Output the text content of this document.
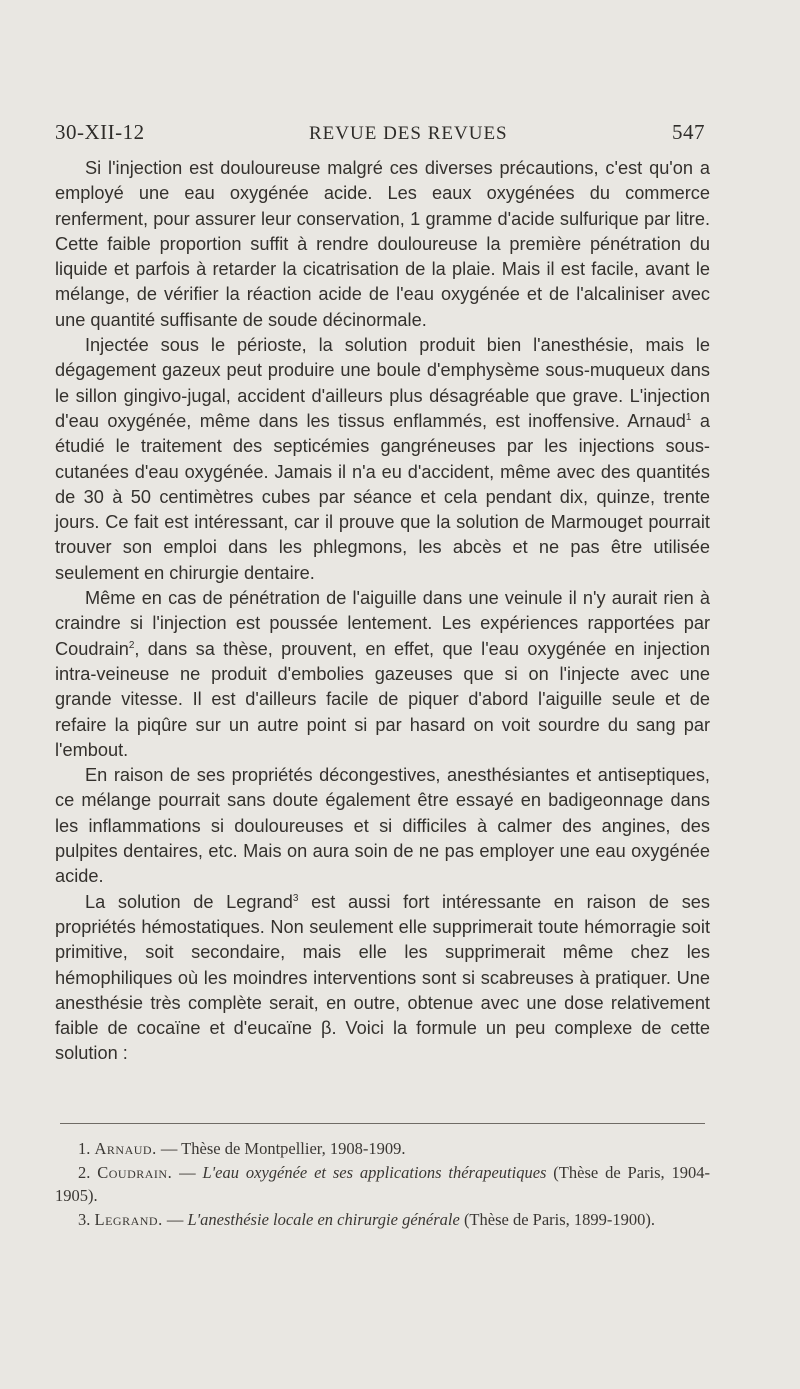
30-XII-12	REVUE DES REVUES	547

Si l'injection est douloureuse malgré ces diverses précautions, c'est qu'on a employé une eau oxygénée acide. Les eaux oxygénées du commerce renferment, pour assurer leur conservation, 1 gramme d'acide sulfurique par litre. Cette faible proportion suffit à rendre douloureuse la première pénétration du liquide et parfois à retarder la cicatrisation de la plaie. Mais il est facile, avant le mélange, de vérifier la réaction acide de l'eau oxygénée et de l'alcaliniser avec une quantité suffisante de soude décinormale.

Injectée sous le périoste, la solution produit bien l'anesthésie, mais le dégagement gazeux peut produire une boule d'emphysème sous-muqueux dans le sillon gingivo-jugal, accident d'ailleurs plus désagréable que grave. L'injection d'eau oxygénée, même dans les tissus enflammés, est inoffensive. Arnaud$^1$ a étudié le traitement des septicémies gangréneuses par les injections sous-cutanées d'eau oxygénée. Jamais il n'a eu d'accident, même avec des quantités de 30 à 50 centimètres cubes par séance et cela pendant dix, quinze, trente jours. Ce fait est intéressant, car il prouve que la solution de Marmouget pourrait trouver son emploi dans les phlegmons, les abcès et ne pas être utilisée seulement en chirurgie dentaire.

Même en cas de pénétration de l'aiguille dans une veinule il n'y aurait rien à craindre si l'injection est poussée lentement. Les expériences rapportées par Coudrain$^2$, dans sa thèse, prouvent, en effet, que l'eau oxygénée en injection intra-veineuse ne produit d'embolies gazeuses que si on l'injecte avec une grande vitesse. Il est d'ailleurs facile de piquer d'abord l'aiguille seule et de refaire la piqûre sur un autre point si par hasard on voit sourdre du sang par l'embout.

En raison de ses propriétés décongestives, anesthésiantes et antiseptiques, ce mélange pourrait sans doute également être essayé en badigeonnage dans les inflammations si douloureuses et si difficiles à calmer des angines, des pulpites dentaires, etc. Mais on aura soin de ne pas employer une eau oxygénée acide.

La solution de Legrand$^3$ est aussi fort intéressante en raison de ses propriétés hémostatiques. Non seulement elle supprimerait toute hémorragie soit primitive, soit secondaire, mais elle les supprimerait même chez les hémophiliques où les moindres interventions sont si scabreuses à pratiquer. Une anesthésie très complète serait, en outre, obtenue avec une dose relativement faible de cocaïne et d'eucaïne β. Voici la formule un peu complexe de cette solution :

1. Arnaud. — Thèse de Montpellier, 1908-1909.

2. Coudrain. — L'eau oxygénée et ses applications thérapeutiques (Thèse de Paris, 1904-1905).

3. Legrand. — L'anesthésie locale en chirurgie générale (Thèse de Paris, 1899-1900).
